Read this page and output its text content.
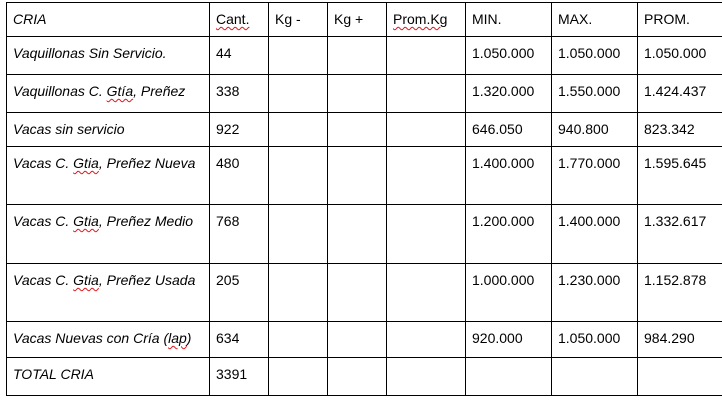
CRIA	Cant.	Kg -	Kg +	Prom.Kg	MIN.	MAX.	PROM.
Vaquillonas Sin Servicio.	44				1.050.000	1.050.000	1.050.000
Vaquillonas C. Gtía, Preñez	338				1.320.000	1.550.000	1.424.437
Vacas sin servicio	922				646.050	940.800	823.342
Vacas C. Gtia, Preñez Nueva	480				1.400.000	1.770.000	1.595.645
Vacas C. Gtia, Preñez Medio	768				1.200.000	1.400.000	1.332.617
Vacas C. Gtia, Preñez Usada	205				1.000.000	1.230.000	1.152.878
Vacas Nuevas con Cría (lap)	634				920.000	1.050.000	984.290
TOTAL CRIA	3391						
